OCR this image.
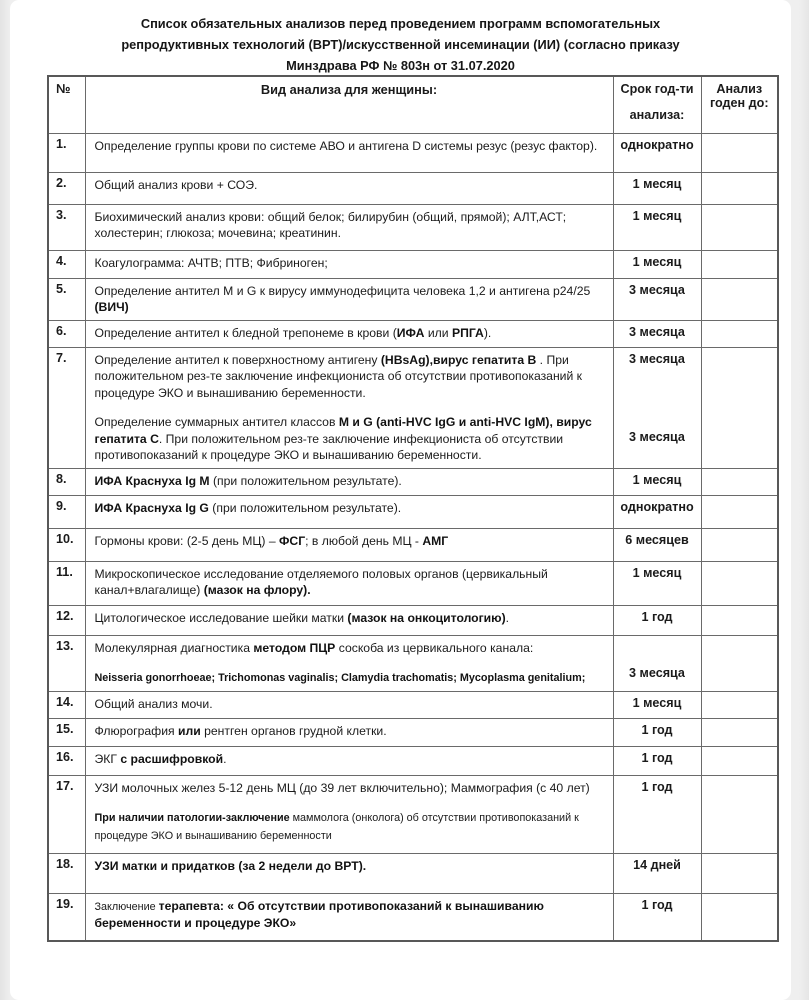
Список обязательных анализов перед проведением программ вспомогательных
репродуктивных технологий (ВРТ)/искусственной инсеминации (ИИ) (согласно приказу
Минздрава РФ № 803н от 31.07.2020
№	Вид анализа для женщины:	Срок год-ти
анализа:

Анализ
годен до:

1.	Определение группы крови по системе АВО и антигена D системы резус (резус фактор).	однократно	

2.	Общий анализ крови + СОЭ.	1 месяц	

3.	Биохимический анализ крови: общий белок; билирубин (общий, прямой); АЛТ,АСТ; холестерин; глюкоза; мочевина; креатинин.	1 месяц	

4.	Коагулограмма: АЧТВ; ПТВ; Фибриноген;	1 месяц	

5.	Определение антител М и G к вирусу иммунодефицита человека 1,2 и антигена р24/25 (ВИЧ)	3 месяца	

6.	Определение антител к бледной трепонеме в крови (ИФА или РПГА).	3 месяца	

7.	Определение антител к поверхностному антигену (HBsAg),вирус гепатита В . При положительном рез-те заключение инфекциониста об отсутствии противопоказаний к процедуре ЭКО и вынашиванию беременности.
Определение суммарных антител классов М и G (anti-HVC IgG и anti-HVC IgM), вирус гепатита С. При положительном рез-те заключение инфекциониста об отсутствии противопоказаний к процедуре ЭКО и вынашиванию беременности.

3 месяца
3 месяца

8.	ИФА Краснуха Ig M (при положительном результате).	1 месяц	

9.	ИФА Краснуха Ig G (при положительном результате).	однократно	

10.	Гормоны крови: (2-5 день МЦ) – ФСГ; в любой день МЦ - АМГ	6 месяцев	

11.	Микроскопическое исследование отделяемого половых органов (цервикальный канал+влагалище) (мазок на флору).	1 месяц	

12.	Цитологическое исследование шейки матки (мазок на онкоцитологию).	1 год	

13.	Молекулярная диагностика методом ПЦР соскоба из цервикального канала:
Neisseria gonorrhoeae; Trichomonas vaginalis; Clamydia trachomatis; Mycoplasma genitalium;	3 месяца	

14.	Общий анализ мочи.	1 месяц	

15.	Флюрография или рентген органов грудной клетки.	1 год	

16.	ЭКГ с расшифровкой.	1 год	

17.	УЗИ молочных желез 5-12 день МЦ (до 39 лет включительно); Маммография (с 40 лет)
При наличии патологии-заключение маммолога (онколога) об отсутствии противопоказаний к процедуре ЭКО и вынашиванию беременности	1 год	

18.	УЗИ матки и придатков (за 2 недели до ВРТ).	14 дней	

19.	Заключение терапевта: « Об отсутствии противопоказаний к вынашиванию беременности и процедуре ЭКО»	1 год	
